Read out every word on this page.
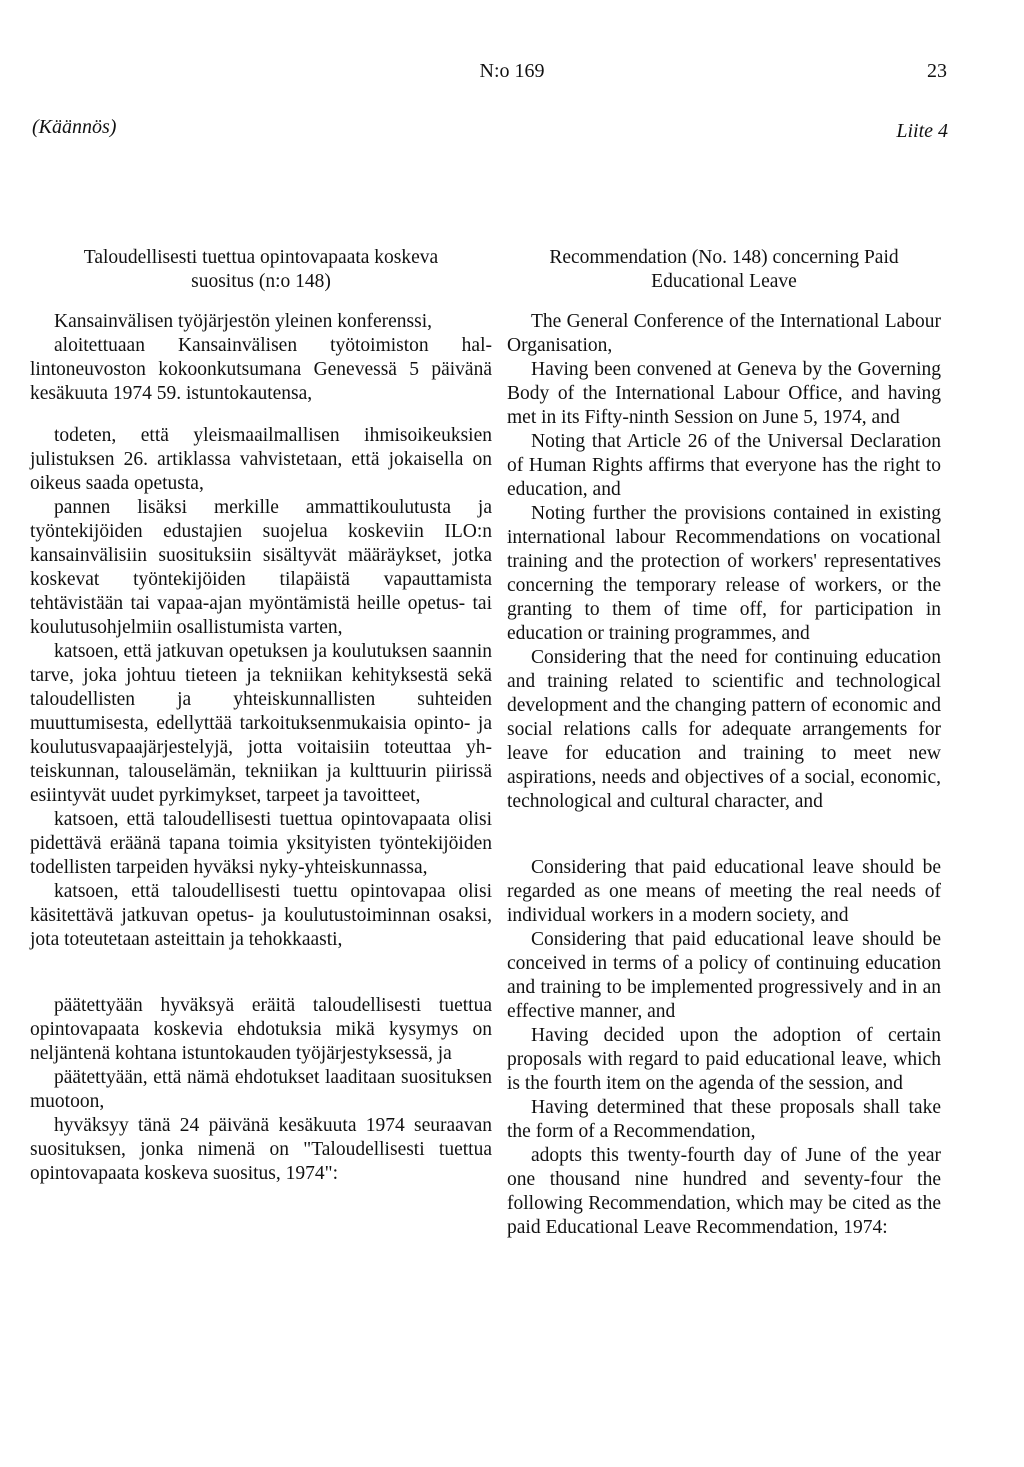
N:o 169	23
(Käännös)	Liite 4
Taloudellisesti tuettua opintovapaata koskeva
suositus (n:o 148)

Kansainvälisen työjärjestön yleinen konferenssi,

aloitettuaan Kansainvälisen työtoimiston hallintoneuvoston kokoonkutsumana Genevessä 5 päivänä kesäkuuta 1974 59. istuntokautensa,

todeten, että yleismaailmallisen ihmisoikeuksien julistuksen 26. artiklassa vahvistetaan, että jokaisella on oikeus saada opetusta,

pannen lisäksi merkille ammattikoulutusta ja työntekijöiden edustajien suojelua koskeviin ILO:n kansainvälisiin suosituksiin sisältyvät määräykset, jotka koskevat työntekijöiden tilapäistä vapauttamista tehtävistään tai vapaa-ajan myöntämistä heille opetus- tai koulutusohjelmiin osallistumista varten,

katsoen, että jatkuvan opetuksen ja koulutuksen saannin tarve, joka johtuu tieteen ja tekniikan kehityksestä sekä taloudellisten ja yhteiskunnallisten suhteiden muuttumisesta, edellyttää tarkoituksenmukaisia opinto- ja koulutusvapaajärjestelyjä, jotta voitaisiin toteuttaa yhteiskunnan, talouselämän, tekniikan ja kulttuurin piirissä esiintyvät uudet pyrkimykset, tarpeet ja tavoitteet,

katsoen, että taloudellisesti tuettua opintovapaata olisi pidettävä eräänä tapana toimia yksityisten työntekijöiden todellisten tarpeiden hyväksi nyky-yhteiskunnassa,

katsoen, että taloudellisesti tuettu opintovapaa olisi käsitettävä jatkuvan opetus- ja koulutustoiminnan osaksi, jota toteutetaan asteittain ja tehokkaasti,

päätettyään hyväksyä eräitä taloudellisesti tuettua opintovapaata koskevia ehdotuksia mikä kysymys on neljäntenä kohtana istuntokauden työjärjestyksessä, ja

päätettyään, että nämä ehdotukset laaditaan suosituksen muotoon,

hyväksyy tänä 24 päivänä kesäkuuta 1974 seuraavan suosituksen, jonka nimenä on "Taloudellisesti tuettua opintovapaata koskeva suositus, 1974":

Recommendation (No. 148) concerning Paid
Educational Leave

The General Conference of the International Labour Organisation,

Having been convened at Geneva by the Governing Body of the International Labour Office, and having met in its Fifty-ninth Session on June 5, 1974, and

Noting that Article 26 of the Universal Declaration of Human Rights affirms that everyone has the right to education, and

Noting further the provisions contained in existing international labour Recommendations on vocational training and the protection of workers' representatives concerning the temporary release of workers, or the granting to them of time off, for participation in education or training programmes, and

Considering that the need for continuing education and training related to scientific and technological development and the changing pattern of economic and social relations calls for adequate arrangements for leave for education and training to meet new aspirations, needs and objectives of a social, economic, technological and cultural character, and

Considering that paid educational leave should be regarded as one means of meeting the real needs of individual workers in a modern society, and

Considering that paid educational leave should be conceived in terms of a policy of continuing education and training to be implemented progressively and in an effective manner, and

Having decided upon the adoption of certain proposals with regard to paid educational leave, which is the fourth item on the agenda of the session, and

Having determined that these proposals shall take the form of a Recommendation,

adopts this twenty-fourth day of June of the year one thousand nine hundred and seventy-four the following Recommendation, which may be cited as the paid Educational Leave Recommendation, 1974:
